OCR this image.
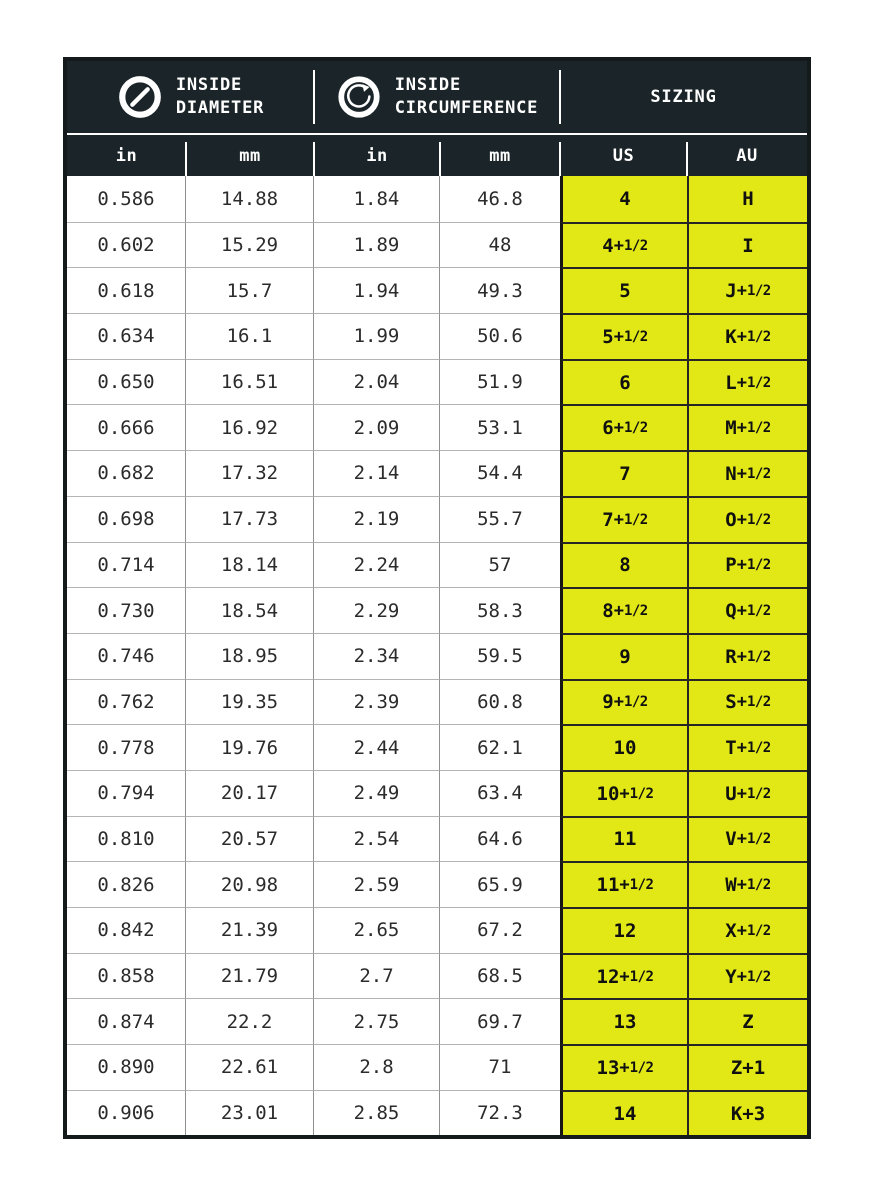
INSIDE
DIAMETER
INSIDE
CIRCUMFERENCE
SIZING
in	mm	in	mm	US	AU
0.586	14.88	1.84	46.8	4	H
0.602	15.29	1.89	48	4 + 1/2	I
0.618	15.7	1.94	49.3	5	J + 1/2
0.634	16.1	1.99	50.6	5 + 1/2	K + 1/2
0.650	16.51	2.04	51.9	6	L + 1/2
0.666	16.92	2.09	53.1	6 + 1/2	M + 1/2
0.682	17.32	2.14	54.4	7	N + 1/2
0.698	17.73	2.19	55.7	7 + 1/2	O + 1/2
0.714	18.14	2.24	57	8	P + 1/2
0.730	18.54	2.29	58.3	8 + 1/2	Q + 1/2
0.746	18.95	2.34	59.5	9	R + 1/2
0.762	19.35	2.39	60.8	9 + 1/2	S + 1/2
0.778	19.76	2.44	62.1	10	T + 1/2
0.794	20.17	2.49	63.4	10 + 1/2	U + 1/2
0.810	20.57	2.54	64.6	11	V + 1/2
0.826	20.98	2.59	65.9	11 + 1/2	W + 1/2
0.842	21.39	2.65	67.2	12	X + 1/2
0.858	21.79	2.7	68.5	12 + 1/2	Y + 1/2
0.874	22.2	2.75	69.7	13	Z
0.890	22.61	2.8	71	13 + 1/2	Z+1
0.906	23.01	2.85	72.3	14	K+3
